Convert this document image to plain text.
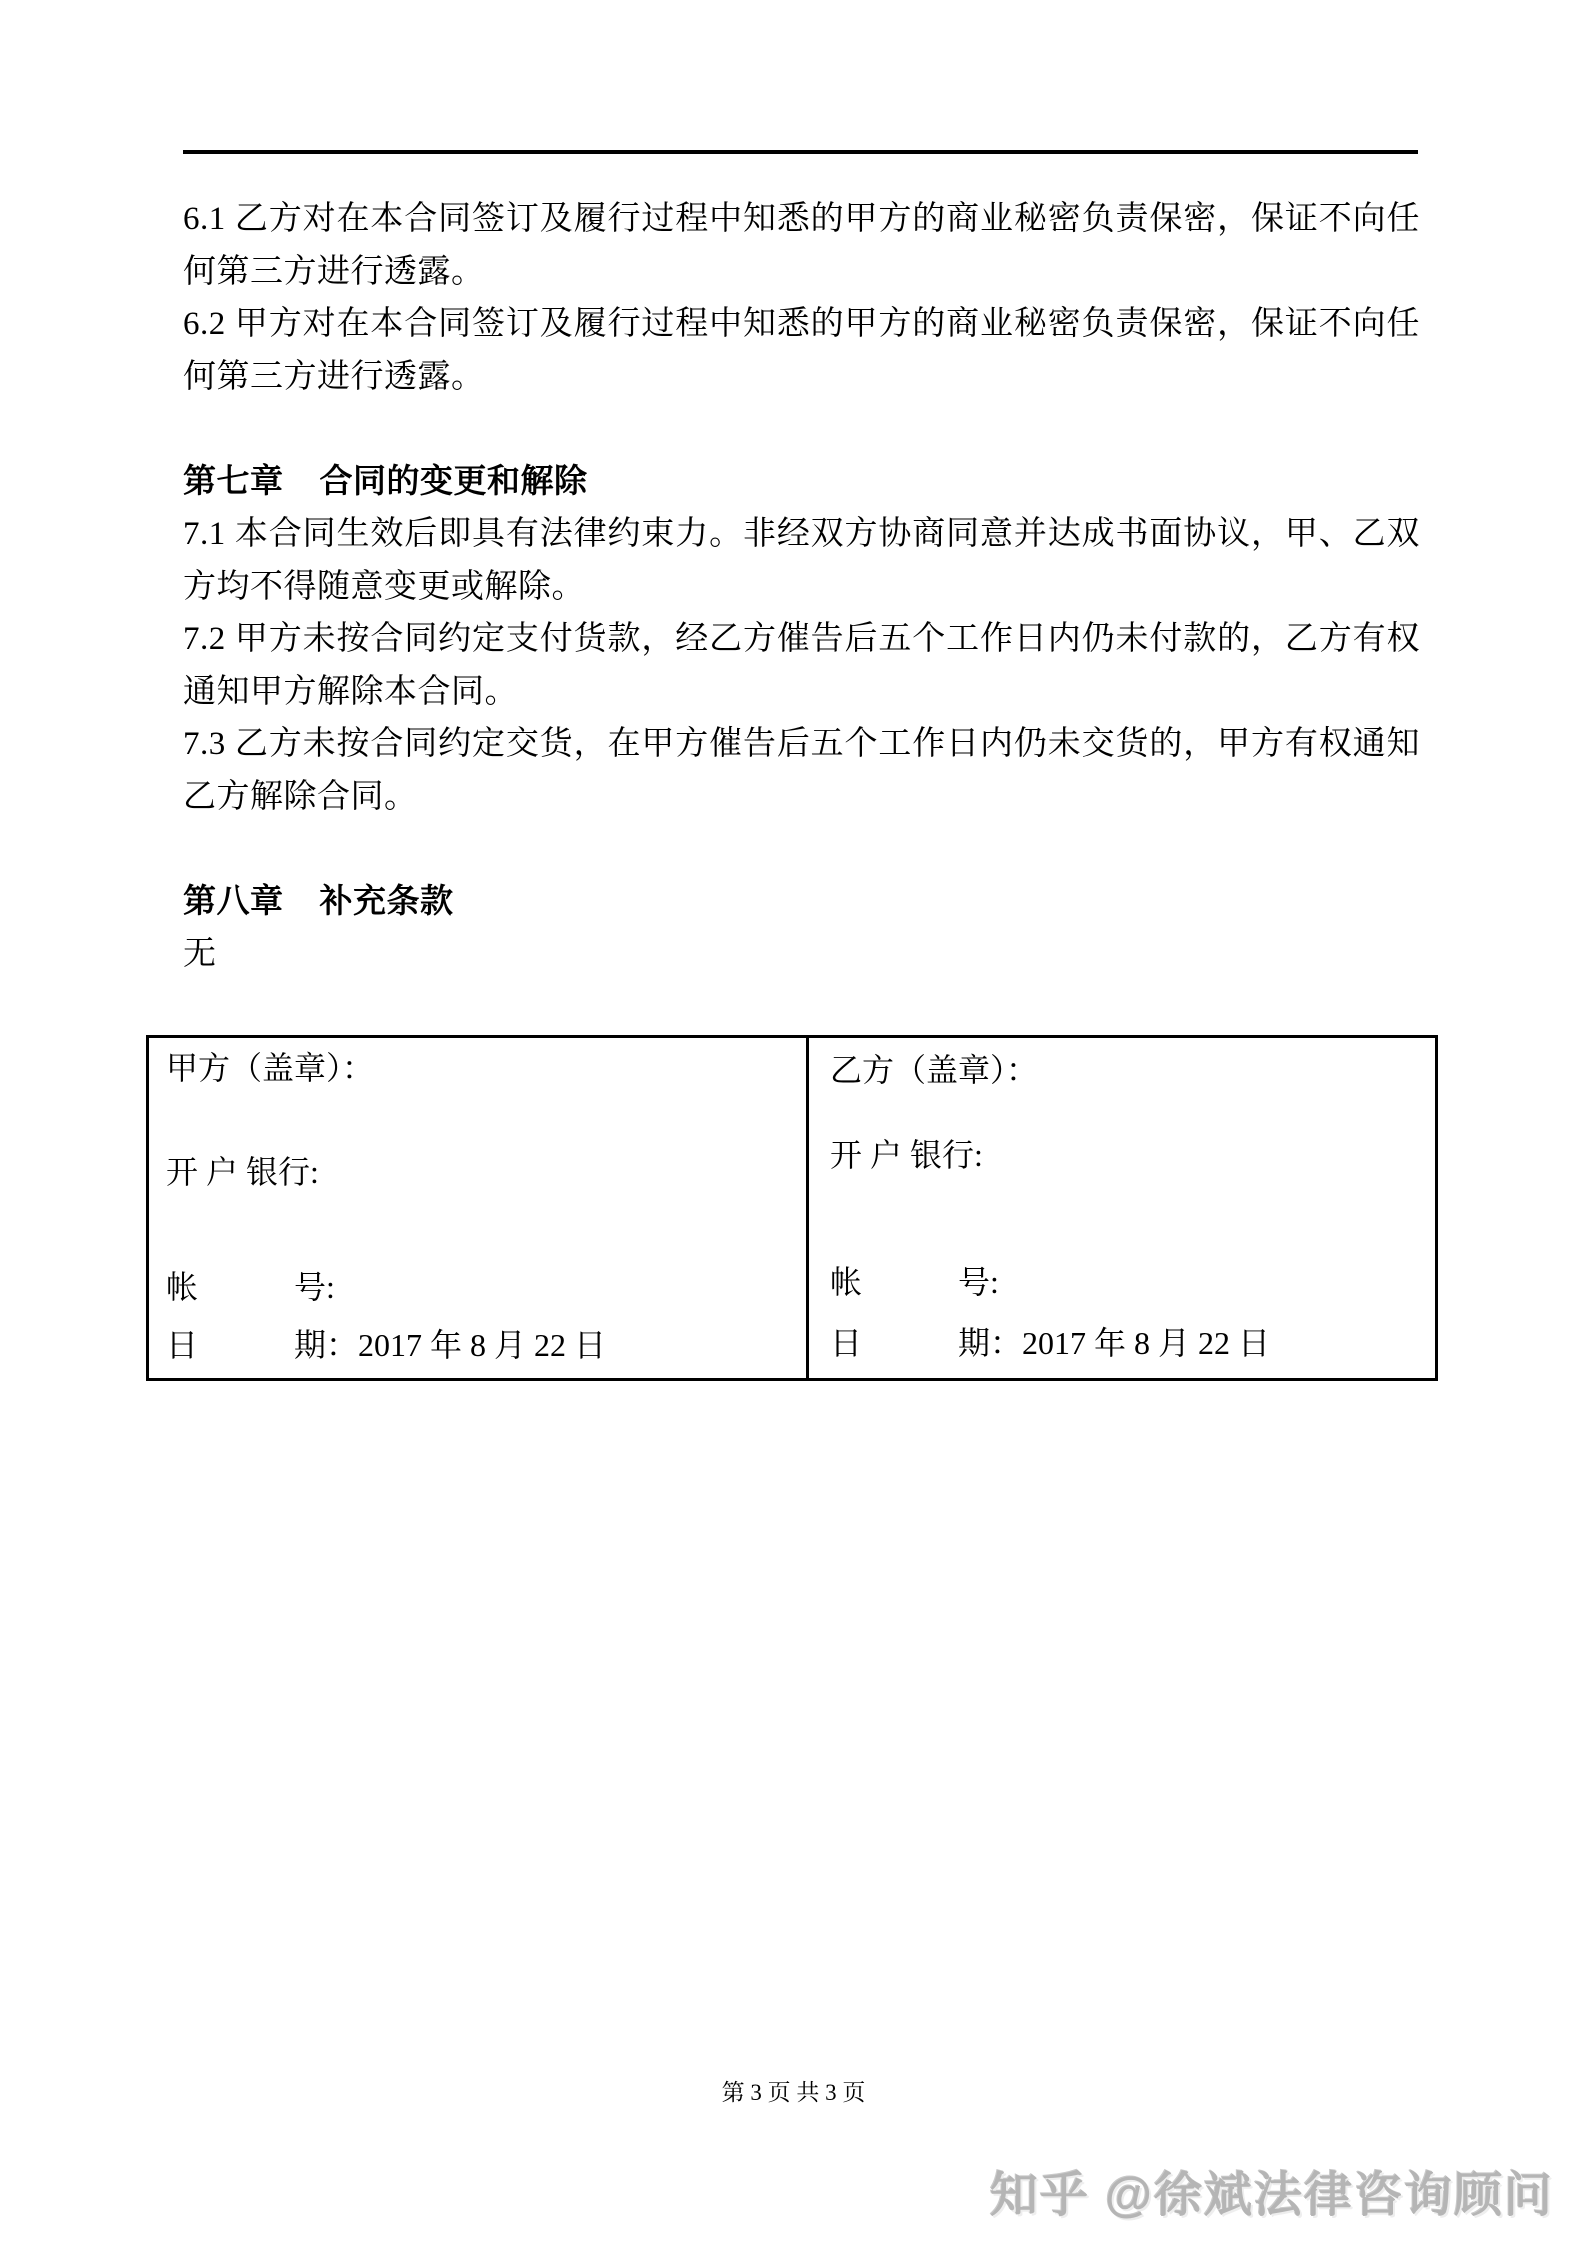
6.1 乙方对在本合同签订及履行过程中知悉的甲方的商业秘密负责保密，保证不向任何第三方进行透露。

6.2 甲方对在本合同签订及履行过程中知悉的甲方的商业秘密负责保密，保证不向任何第三方进行透露。

第七章 合同的变更和解除

7.1 本合同生效后即具有法律约束力。非经双方协商同意并达成书面协议，甲、乙双方均不得随意变更或解除。

7.2 甲方未按合同约定支付货款，经乙方催告后五个工作日内仍未付款的，乙方有权通知甲方解除本合同。

7.3 乙方未按合同约定交货，在甲方催告后五个工作日内仍未交货的，甲方有权通知乙方解除合同。

第八章 补充条款

无

甲方（盖章）：
开 户 银行:
帐　　　号:
日　　　期：2017 年 8 月 22 日
乙方（盖章）：
开 户 银行:
帐　　　号:
日　　　期：2017 年 8 月 22 日
第 3 页 共 3 页
知乎 @徐斌法律咨询顾问
